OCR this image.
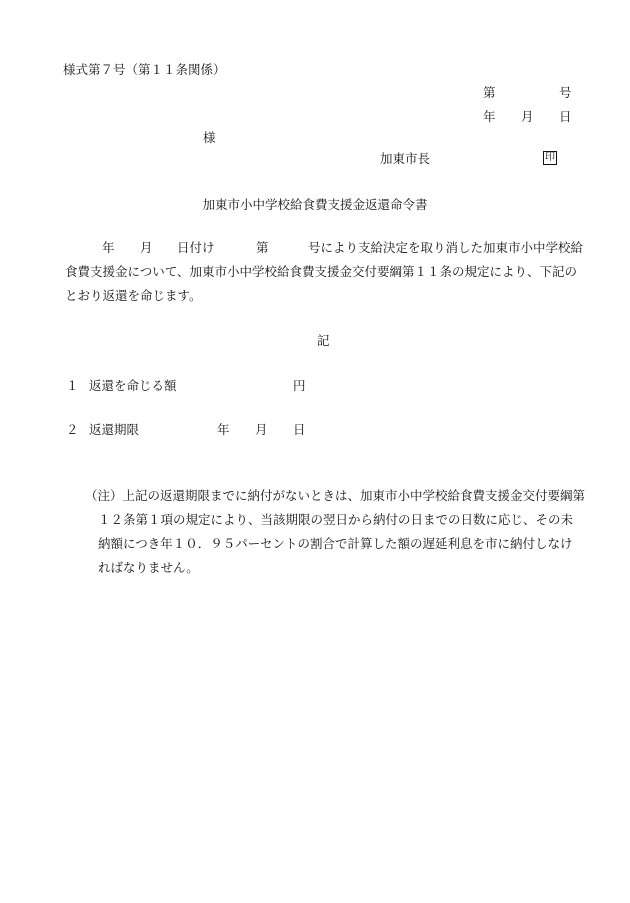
様式第７号（第１１条関係）
第	号
年 月 日
様
加東市長	印
加東市小中学校給食費支援金返還命令書
年 月 日付け	第	号により支給決定を取り消した加東市小中学校給
食費支援金について、加東市小中学校給食費支援金交付要綱第１１条の規定により、下記の
とおり返還を命じます。
記
１ 返還を命じる額	円
２ 返還期限	年 月 日
（注）上記の返還期限までに納付がないときは、加東市小中学校給食費支援金交付要綱第
１２条第１項の規定により、当該期限の翌日から納付の日までの日数に応じ、その未
納額につき年１０．９５パーセントの割合で計算した額の遅延利息を市に納付しなけ
ればなりません。
